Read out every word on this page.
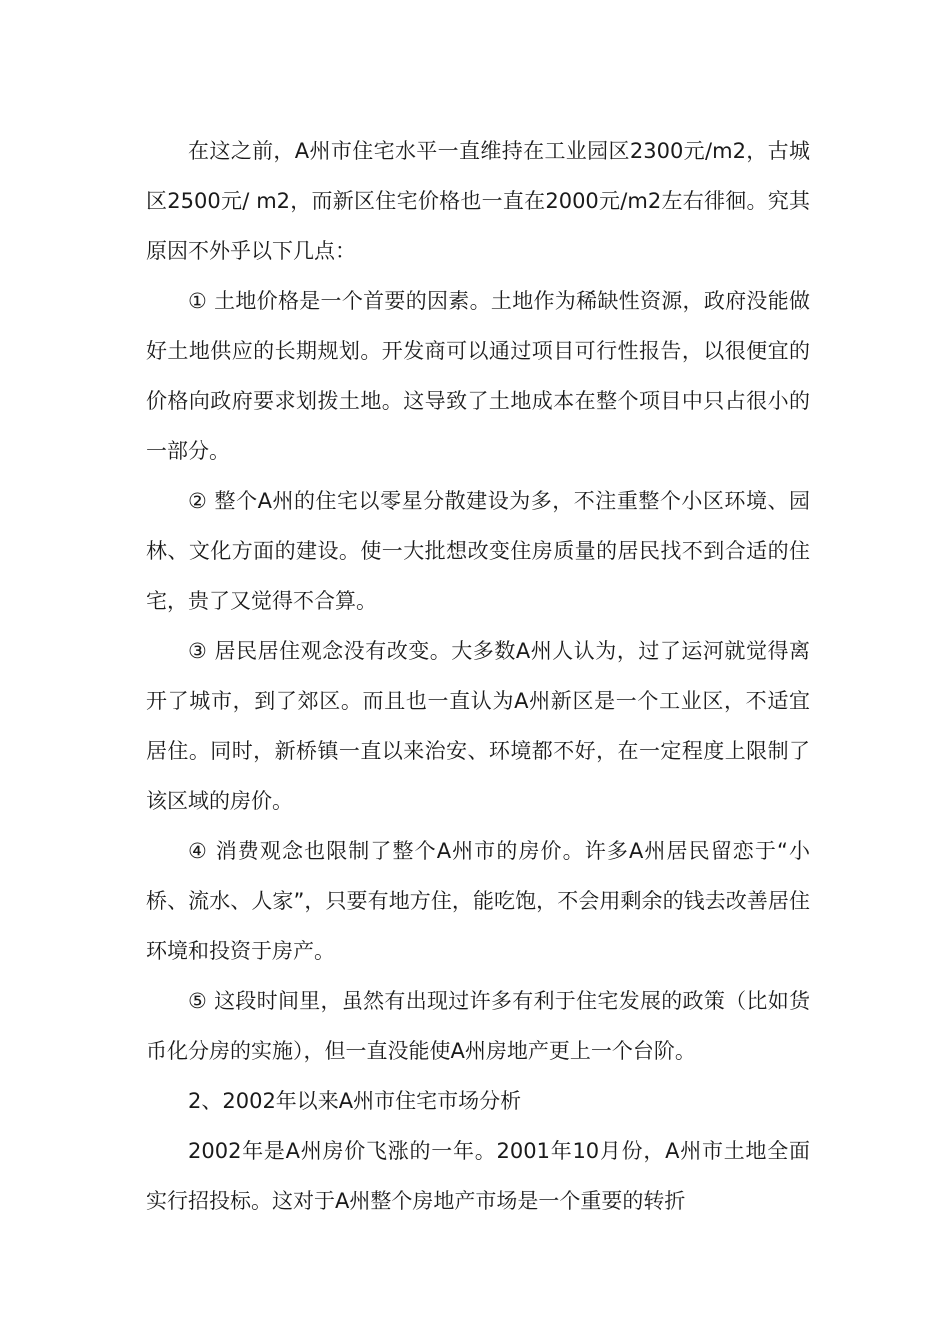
在这之前，A州市住宅水平一直维持在工业园区2300元/m2，古城区2500元/ m2，而新区住宅价格也一直在2000元/m2左右徘徊。究其原因不外乎以下几点：

① 土地价格是一个首要的因素。土地作为稀缺性资源，政府没能做好土地供应的长期规划。开发商可以通过项目可行性报告，以很便宜的价格向政府要求划拨土地。这导致了土地成本在整个项目中只占很小的一部分。

② 整个A州的住宅以零星分散建设为多，不注重整个小区环境、园林、文化方面的建设。使一大批想改变住房质量的居民找不到合适的住宅，贵了又觉得不合算。

③ 居民居住观念没有改变。大多数A州人认为，过了运河就觉得离开了城市，到了郊区。而且也一直认为A州新区是一个工业区，不适宜居住。同时，新桥镇一直以来治安、环境都不好，在一定程度上限制了该区域的房价。

④ 消费观念也限制了整个A州市的房价。许多A州居民留恋于“小桥、流水、人家”，只要有地方住，能吃饱，不会用剩余的钱去改善居住环境和投资于房产。

⑤ 这段时间里，虽然有出现过许多有利于住宅发展的政策（比如货币化分房的实施），但一直没能使A州房地产更上一个台阶。

2、2002年以来A州市住宅市场分析

2002年是A州房价飞涨的一年。2001年10月份，A州市土地全面实行招投标。这对于A州整个房地产市场是一个重要的转折
